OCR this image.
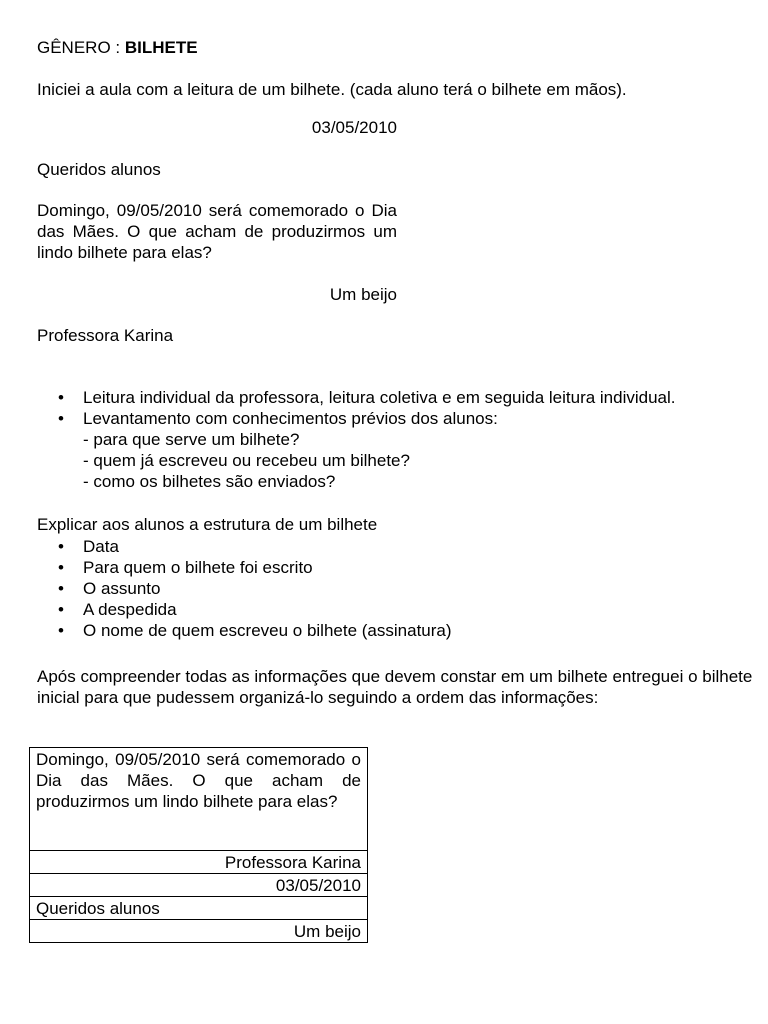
GÊNERO : BILHETE
Iniciei a aula com a leitura de um bilhete. (cada aluno terá o bilhete em mãos).
03/05/2010
Queridos alunos
Domingo, 09/05/2010 será comemorado o Dia das Mães. O que acham de produzirmos um lindo bilhete para elas?
Um beijo
Professora Karina
•	Leitura individual da professora, leitura coletiva e em seguida leitura individual.
•	Levantamento com conhecimentos prévios dos alunos:
- para que serve um bilhete?
- quem já escreveu ou recebeu um bilhete?
- como os bilhetes são enviados?
Explicar aos alunos a estrutura de um bilhete
•	Data
•	Para quem o bilhete foi escrito
•	O assunto
•	A despedida
•	O nome de quem escreveu o bilhete (assinatura)
Após compreender todas as informações que devem constar em um bilhete entreguei o bilhete inicial para que pudessem organizá-lo seguindo a ordem das informações:
Domingo, 09/05/2010 será comemorado o Dia das Mães. O que acham de produzirmos um lindo bilhete para elas?
Professora Karina
03/05/2010
Queridos alunos
Um beijo
